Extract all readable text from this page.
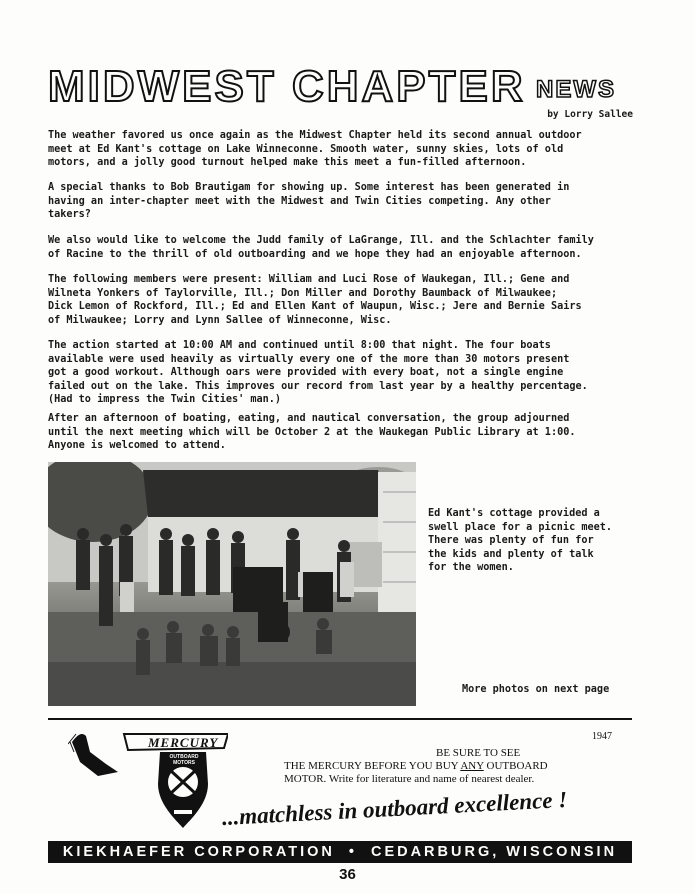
MIDWEST CHAPTER NEWS
by Lorry Sallee
The weather favored us once again as the Midwest Chapter held its second annual outdoor
meet at Ed Kant's cottage on Lake Winneconne. Smooth water, sunny skies, lots of old
motors, and a jolly good turnout helped make this meet a fun-filled afternoon.
A special thanks to Bob Brautigam for showing up. Some interest has been generated in
having an inter-chapter meet with the Midwest and Twin Cities competing. Any other
takers?
We also would like to welcome the Judd family of LaGrange, Ill. and the Schlachter family
of Racine to the thrill of old outboarding and we hope they had an enjoyable afternoon.
The following members were present: William and Luci Rose of Waukegan, Ill.; Gene and
Wilneta Yonkers of Taylorville, Ill.; Don Miller and Dorothy Baumback of Milwaukee;
Dick Lemon of Rockford, Ill.; Ed and Ellen Kant of Waupun, Wisc.; Jere and Bernie Sairs
of Milwaukee; Lorry and Lynn Sallee of Winneconne, Wisc.
The action started at 10:00 AM and continued until 8:00 that night. The four boats
available were used heavily as virtually every one of the more than 30 motors present
got a good workout. Although oars were provided with every boat, not a single engine
failed out on the lake. This improves our record from last year by a healthy percentage.
(Had to impress the Twin Cities' man.)
After an afternoon of boating, eating, and nautical conversation, the group adjourned
until the next meeting which will be October 2 at the Waukegan Public Library at 1:00.
Anyone is welcomed to attend.
Ed Kant's cottage provided a
swell place for a picnic meet.
There was plenty of fun for
the kids and plenty of talk
for the women.
More photos on next page
MERCURY
OUTBOARD MOTORS
1947
BE SURE TO SEE
THE MERCURY BEFORE YOU BUY ANY OUTBOARD
MOTOR. Write for literature and name of nearest dealer.
...matchless in outboard excellence !
KIEKHAEFER CORPORATION • CEDARBURG, WISCONSIN
36
